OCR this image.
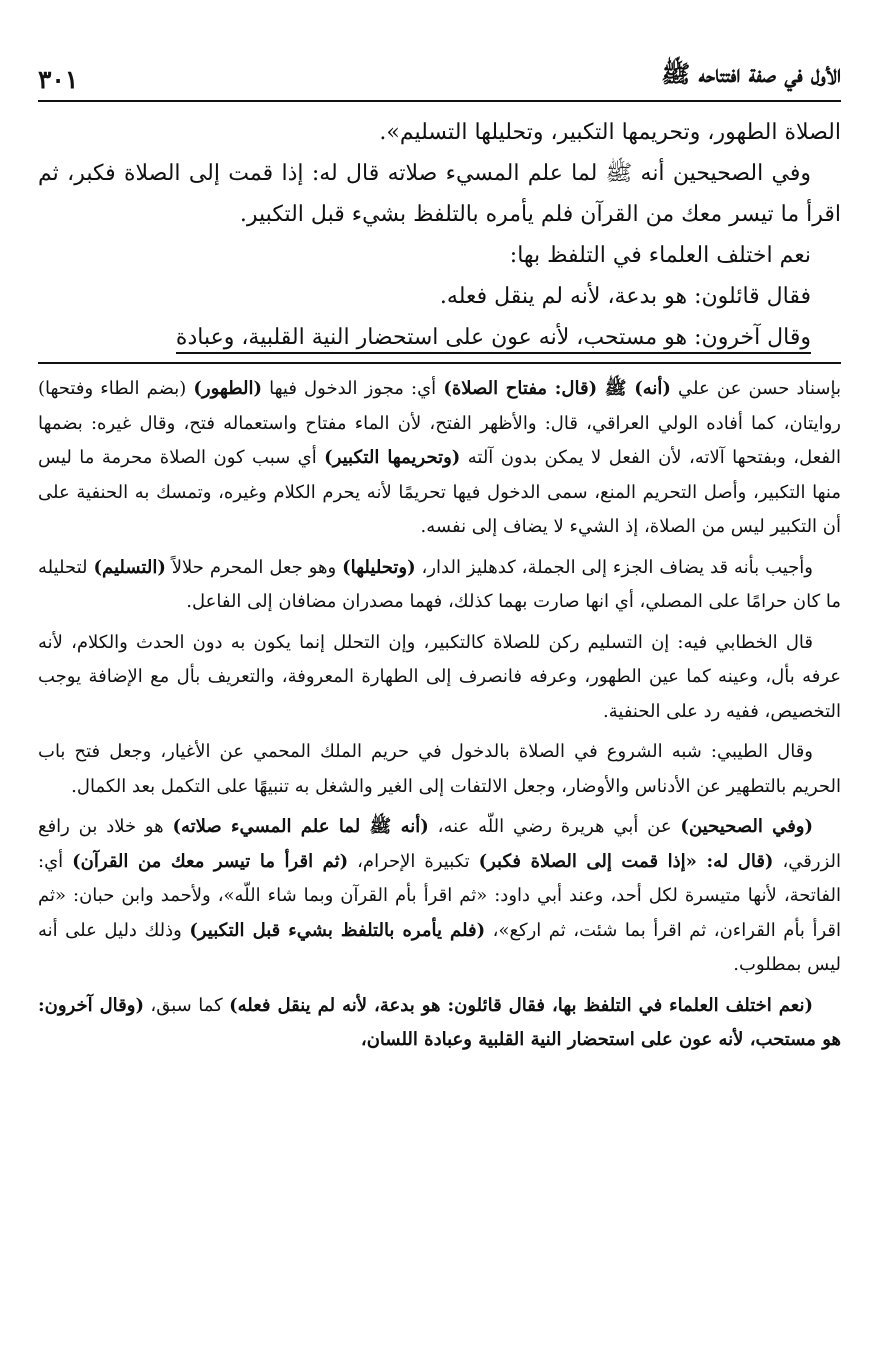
الأول في صفة افتتاحه ﷺ
٣٠١

الصلاة الطهور، وتحريمها التكبير، وتحليلها التسليم».

وفي الصحيحين أنه ﷺ لما علم المسيء صلاته قال له: إذا قمت إلى الصلاة فكبر، ثم اقرأ ما تيسر معك من القرآن فلم يأمره بالتلفظ بشيء قبل التكبير.

نعم اختلف العلماء في التلفظ بها:

فقال قائلون: هو بدعة، لأنه لم ينقل فعله.

وقال آخرون: هو مستحب، لأنه عون على استحضار النية القلبية، وعبادة

بإسناد حسن عن علي (أنه) ﷺ (قال: مفتاح الصلاة) أي: مجوز الدخول فيها (الطهور) (بضم الطاء وفتحها) روايتان، كما أفاده الولي العراقي، قال: والأظهر الفتح، لأن الماء مفتاح واستعماله فتح، وقال غيره: بضمها الفعل، وبفتحها آلاته، لأن الفعل لا يمكن بدون آلته (وتحريمها التكبير) أي سبب كون الصلاة محرمة ما ليس منها التكبير، وأصل التحريم المنع، سمى الدخول فيها تحريمًا لأنه يحرم الكلام وغيره، وتمسك به الحنفية على أن التكبير ليس من الصلاة، إذ الشيء لا يضاف إلى نفسه.

وأجيب بأنه قد يضاف الجزء إلى الجملة، كدهليز الدار، (وتحليلها) وهو جعل المحرم حلالاً (التسليم) لتحليله ما كان حرامًا على المصلي، أي انها صارت بهما كذلك، فهما مصدران مضافان إلى الفاعل.

قال الخطابي فيه: إن التسليم ركن للصلاة كالتكبير، وإن التحلل إنما يكون به دون الحدث والكلام، لأنه عرفه بأل، وعينه كما عين الطهور، وعرفه فانصرف إلى الطهارة المعروفة، والتعريف بأل مع الإضافة يوجب التخصيص، ففيه رد على الحنفية.

وقال الطيبي: شبه الشروع في الصلاة بالدخول في حريم الملك المحمي عن الأغيار، وجعل فتح باب الحريم بالتطهير عن الأدناس والأوضار، وجعل الالتفات إلى الغير والشغل به تنبيهًا على التكمل بعد الكمال.

(وفي الصحيحين) عن أبي هريرة رضي اللّه عنه، (أنه ﷺ لما علم المسيء صلاته) هو خلاد بن رافع الزرقي، (قال له: «إذا قمت إلى الصلاة فكبر) تكبيرة الإحرام، (ثم اقرأ ما تيسر معك من القرآن) أي: الفاتحة، لأنها متيسرة لكل أحد، وعند أبي داود: «ثم اقرأ بأم القرآن وبما شاء اللّه»، ولأحمد وابن حبان: «ثم اقرأ بأم القراءن، ثم اقرأ بما شئت، ثم اركع»، (فلم يأمره بالتلفظ بشيء قبل التكبير) وذلك دليل على أنه ليس بمطلوب.

(نعم اختلف العلماء في التلفظ بها، فقال قائلون: هو بدعة، لأنه لم ينقل فعله) كما سبق، (وقال آخرون: هو مستحب، لأنه عون على استحضار النية القلبية وعبادة اللسان،
